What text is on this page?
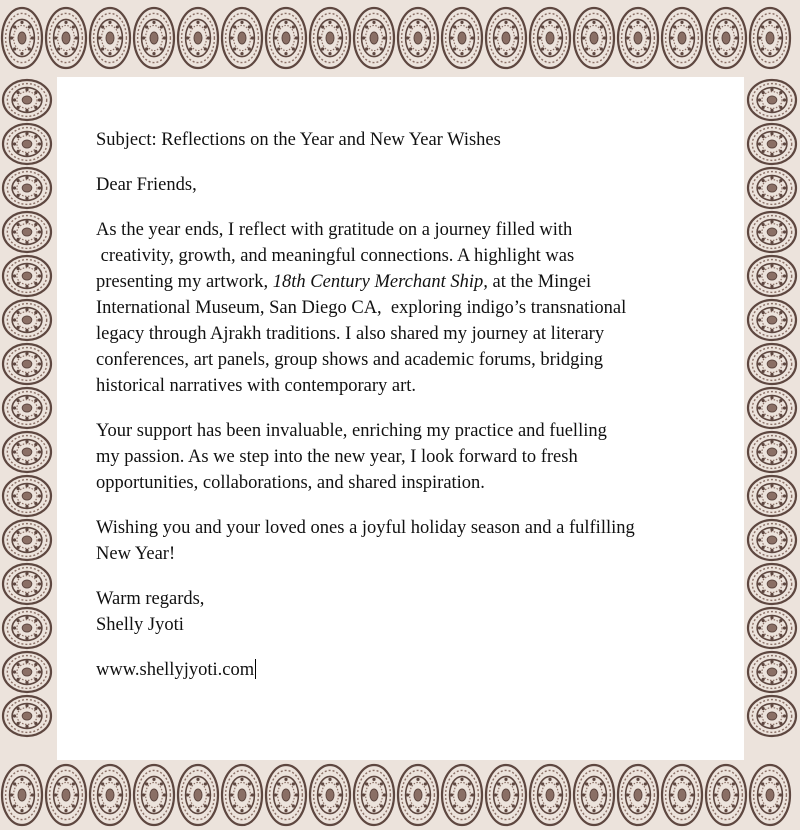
Subject: Reflections on the Year and New Year Wishes

Dear Friends,

As the year ends, I reflect with gratitude on a journey filled with
creativity, growth, and meaningful connections. A highlight was
presenting my artwork, 18th Century Merchant Ship, at the Mingei
International Museum, San Diego CA,  exploring indigo’s transnational
legacy through Ajrakh traditions. I also shared my journey at literary
conferences, art panels, group shows and academic forums, bridging
historical narratives with contemporary art.

Your support has been invaluable, enriching my practice and fuelling
my passion. As we step into the new year, I look forward to fresh
opportunities, collaborations, and shared inspiration.

Wishing you and your loved ones a joyful holiday season and a fulfilling
New Year!

Warm regards,
Shelly Jyoti

www.shellyjyoti.com
